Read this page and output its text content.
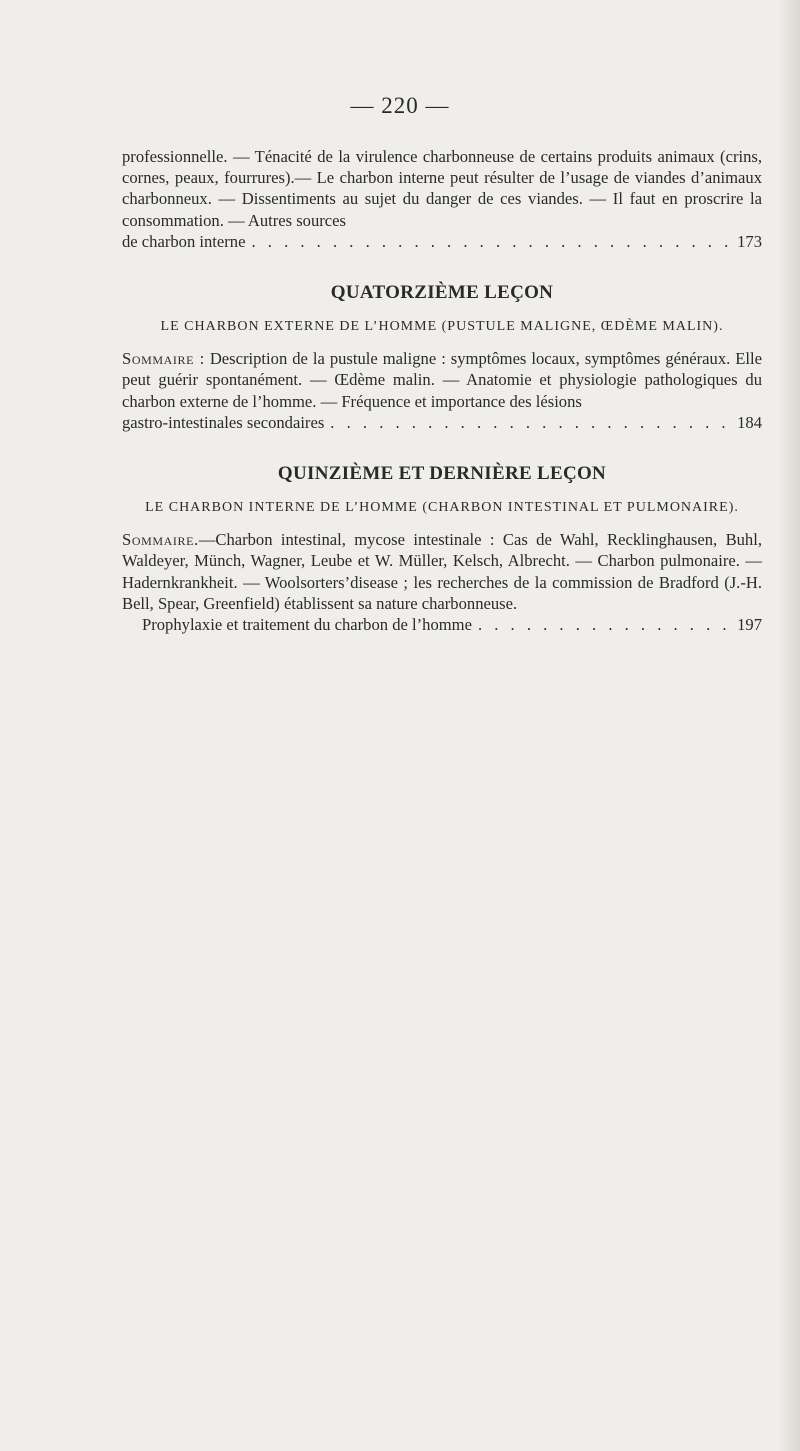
— 220 —

professionnelle. — Ténacité de la virulence charbonneuse de certains produits animaux (crins, cornes, peaux, fourrures).— Le charbon interne peut résulter de l’usage de viandes d’animaux charbonneux. — Dissentiments au sujet du danger de ces viandes. — Il faut en proscrire la consommation. — Autres sources

de charbon interne . . .	173
QUATORZIÈME LEÇON
LE CHARBON EXTERNE DE L’HOMME (PUSTULE MALIGNE, ŒDÈME MALIN).

Sommaire : Description de la pustule maligne : symptômes locaux, symptômes généraux. Elle peut guérir spontanément. — Œdème malin. — Anatomie et physiologie pathologiques du charbon externe de l’homme. — Fréquence et importance des lésions

gastro-intestinales secondaires . . .	184
QUINZIÈME ET DERNIÈRE LEÇON
LE CHARBON INTERNE DE L’HOMME (CHARBON INTESTINAL ET PULMONAIRE).

Sommaire.—Charbon intestinal, mycose intestinale : Cas de Wahl, Recklinghausen, Buhl, Waldeyer, Münch, Wagner, Leube et W. Müller, Kelsch, Albrecht. — Charbon pulmonaire. — Hadernkrankheit. — Woolsorters’disease ; les recherches de la commission de Bradford (J.-H. Bell, Spear, Greenfield) établissent sa nature charbonneuse.

Prophylaxie et traitement du charbon de l’homme . . .	197
